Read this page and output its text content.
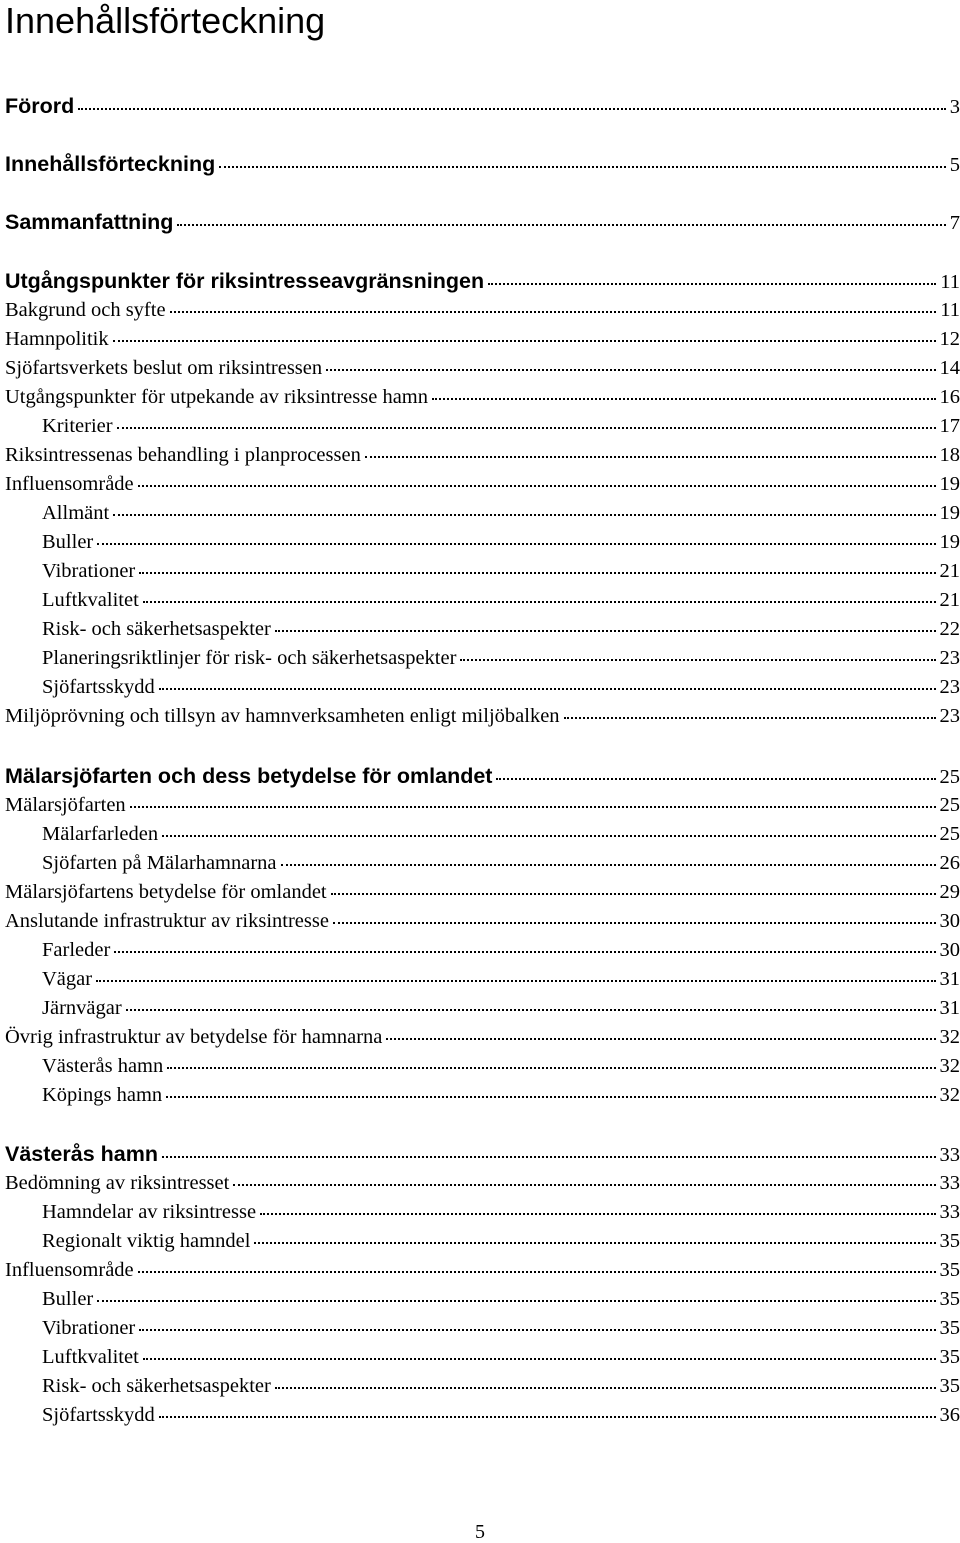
Innehållsförteckning
Förord	3
Innehållsförteckning	5
Sammanfattning	7
Utgångspunkter för riksintresseavgränsningen	11
Bakgrund och syfte	11
Hamnpolitik	12
Sjöfartsverkets beslut om riksintressen	14
Utgångspunkter för utpekande av riksintresse hamn	16
Kriterier	17
Riksintressenas behandling i planprocessen	18
Influensområde	19
Allmänt	19
Buller	19
Vibrationer	21
Luftkvalitet	21
Risk- och säkerhetsaspekter	22
Planeringsriktlinjer för risk- och säkerhetsaspekter	23
Sjöfartsskydd	23
Miljöprövning och tillsyn av hamnverksamheten enligt miljöbalken	23
Mälarsjöfarten och dess betydelse för omlandet	25
Mälarsjöfarten	25
Mälarfarleden	25
Sjöfarten på Mälarhamnarna	26
Mälarsjöfartens betydelse för omlandet	29
Anslutande infrastruktur av riksintresse	30
Farleder	30
Vägar	31
Järnvägar	31
Övrig infrastruktur av betydelse för hamnarna	32
Västerås hamn	32
Köpings hamn	32
Västerås hamn	33
Bedömning av riksintresset	33
Hamndelar av riksintresse	33
Regionalt viktig hamndel	35
Influensområde	35
Buller	35
Vibrationer	35
Luftkvalitet	35
Risk- och säkerhetsaspekter	35
Sjöfartsskydd	36
5
